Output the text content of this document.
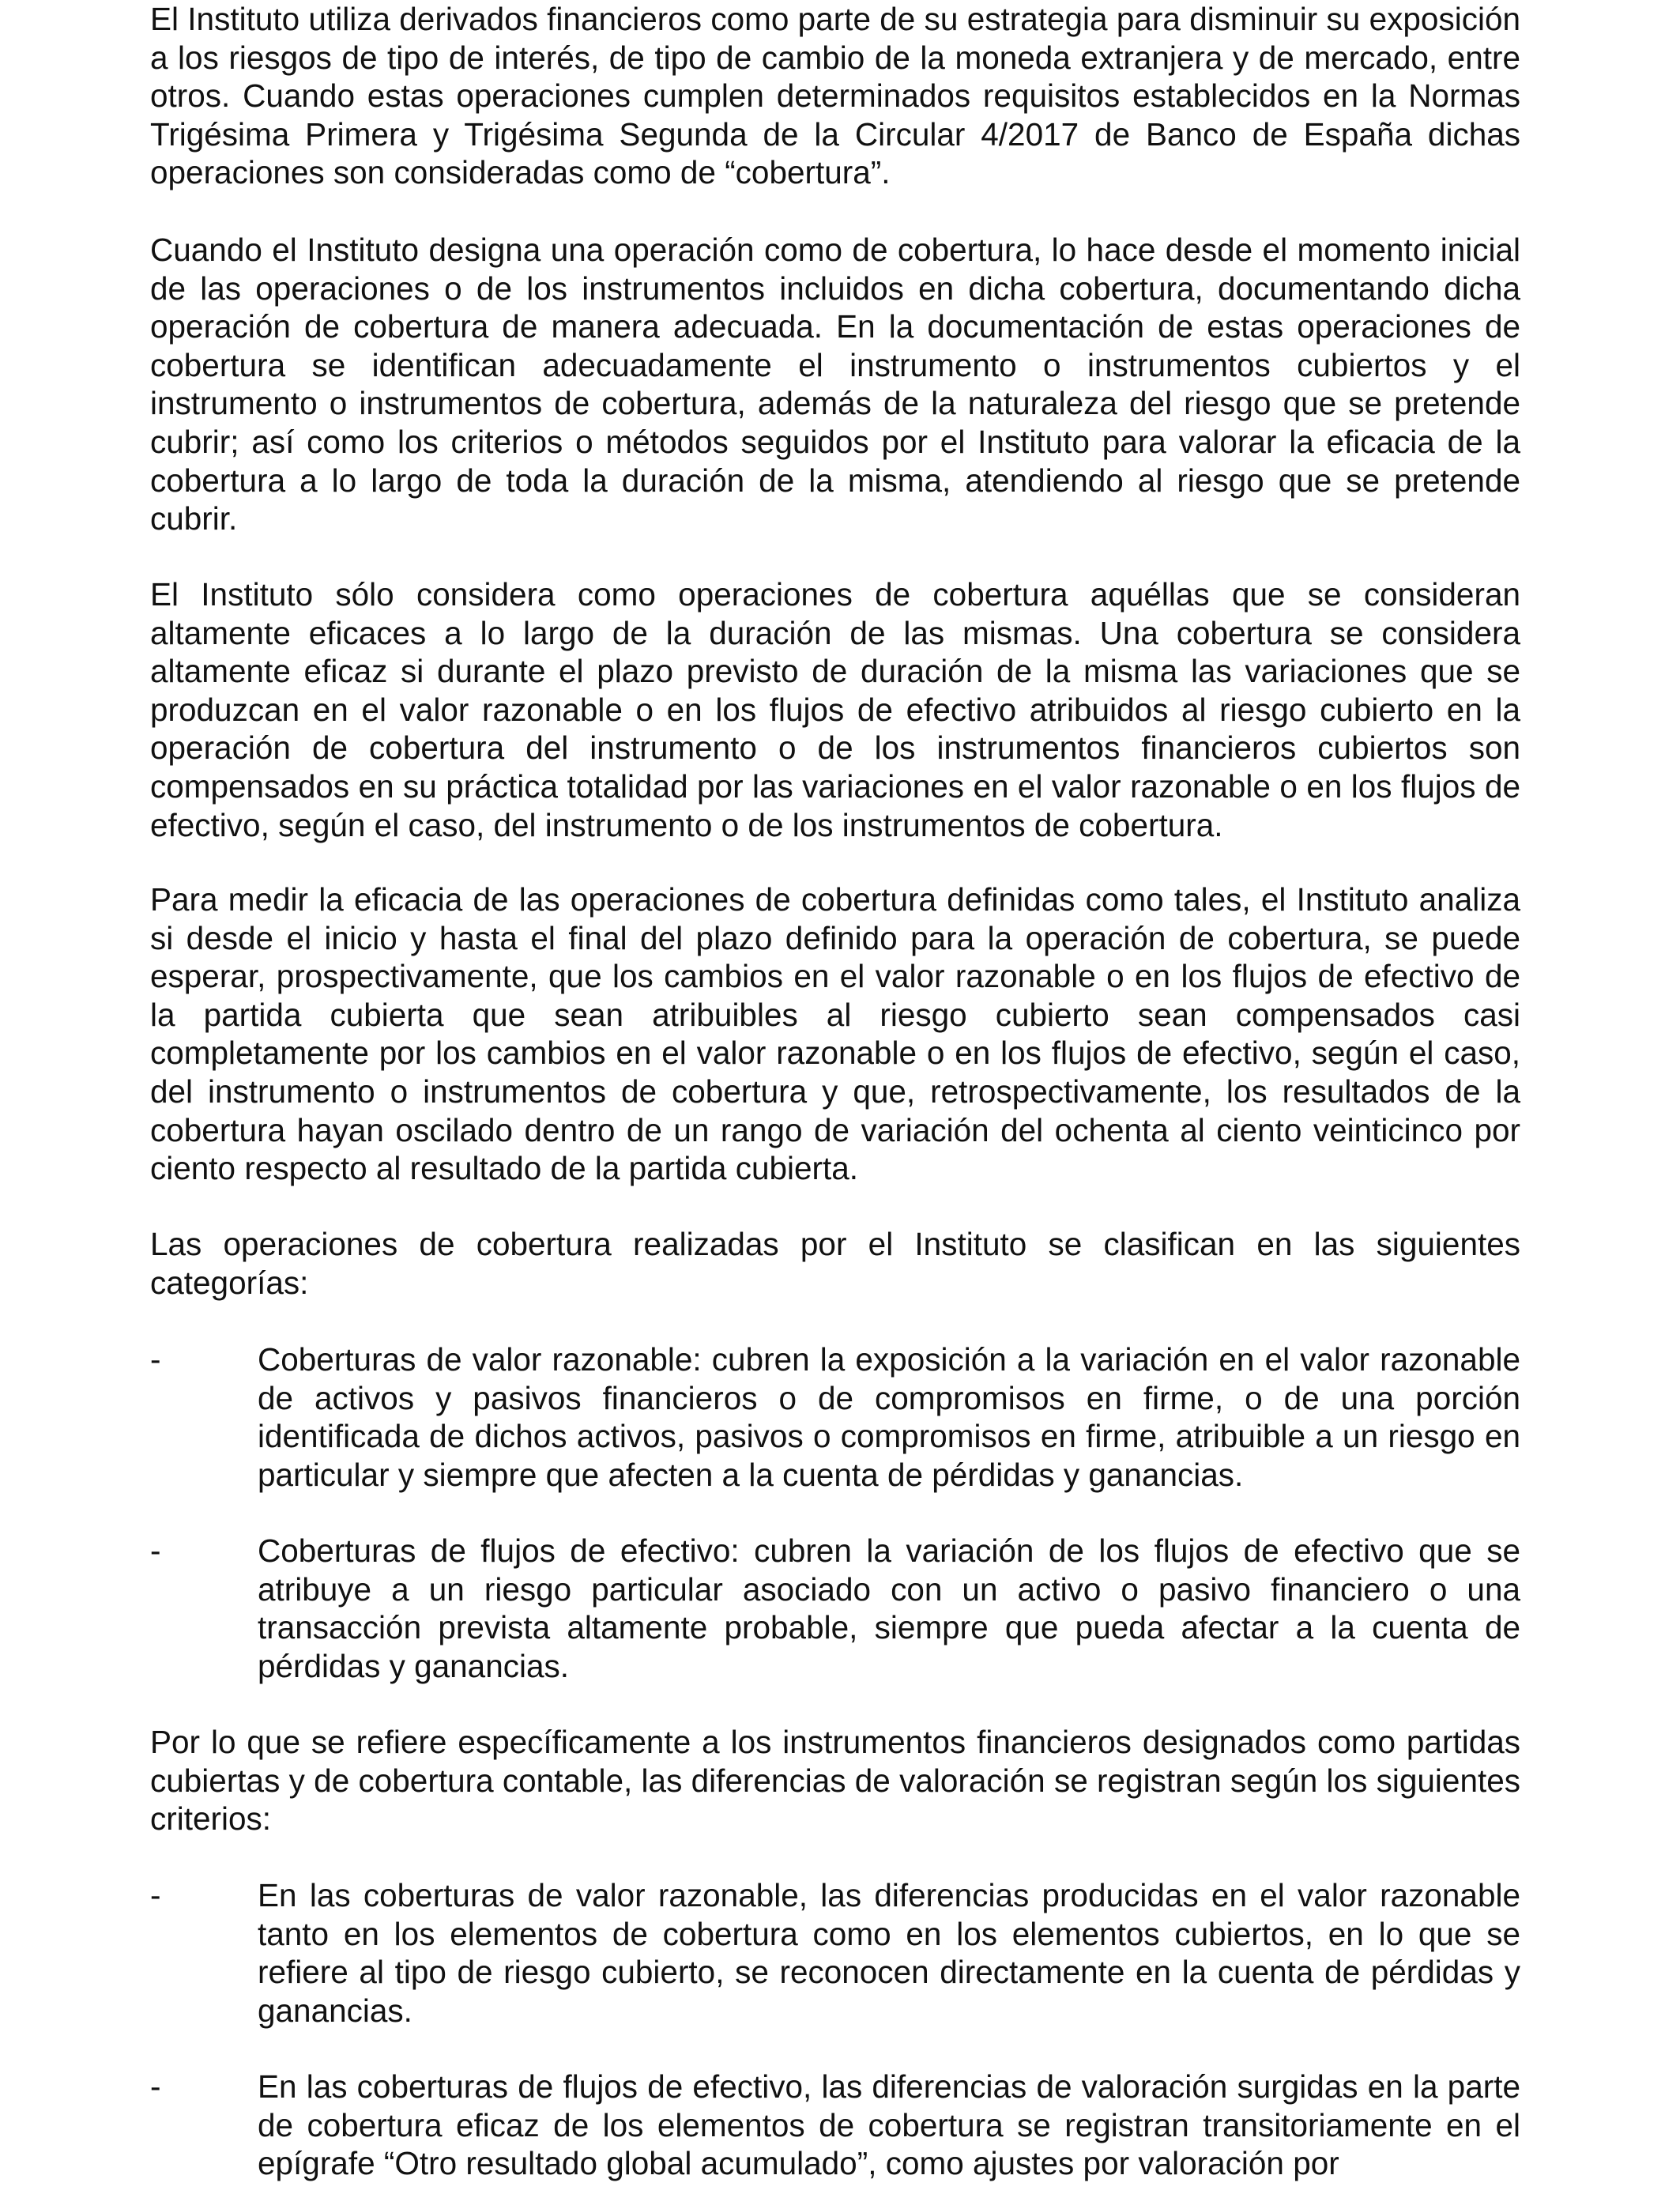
El Instituto utiliza derivados financieros como parte de su estrategia para disminuir su exposición a los riesgos de tipo de interés, de tipo de cambio de la moneda extranjera y de mercado, entre otros. Cuando estas operaciones cumplen determinados requisitos establecidos en la Normas Trigésima Primera y Trigésima Segunda de la Circular 4/2017 de Banco de España dichas operaciones son consideradas como de “cobertura”.

Cuando el Instituto designa una operación como de cobertura, lo hace desde el momento inicial de las operaciones o de los instrumentos incluidos en dicha cobertura, documentando dicha operación de cobertura de manera adecuada. En la documentación de estas operaciones de cobertura se identifican adecuadamente el instrumento o instrumentos cubiertos y el instrumento o instrumentos de cobertura, además de la naturaleza del riesgo que se pretende cubrir; así como los criterios o métodos seguidos por el Instituto para valorar la eficacia de la cobertura a lo largo de toda la duración de la misma, atendiendo al riesgo que se pretende cubrir.

El Instituto sólo considera como operaciones de cobertura aquéllas que se consideran altamente eficaces a lo largo de la duración de las mismas. Una cobertura se considera altamente eficaz si durante el plazo previsto de duración de la misma las variaciones que se produzcan en el valor razonable o en los flujos de efectivo atribuidos al riesgo cubierto en la operación de cobertura del instrumento o de los instrumentos financieros cubiertos son compensados en su práctica totalidad por las variaciones en el valor razonable o en los flujos de efectivo, según el caso, del instrumento o de los instrumentos de cobertura.

Para medir la eficacia de las operaciones de cobertura definidas como tales, el Instituto analiza si desde el inicio y hasta el final del plazo definido para la operación de cobertura, se puede esperar, prospectivamente, que los cambios en el valor razonable o en los flujos de efectivo de la partida cubierta que sean atribuibles al riesgo cubierto sean compensados casi completamente por los cambios en el valor razonable o en los flujos de efectivo, según el caso, del instrumento o instrumentos de cobertura y que, retrospectivamente, los resultados de la cobertura hayan oscilado dentro de un rango de variación del ochenta al ciento veinticinco por ciento respecto al resultado de la partida cubierta.

Las operaciones de cobertura realizadas por el Instituto se clasifican en las siguientes categorías:

-	Coberturas de valor razonable: cubren la exposición a la variación en el valor razonable de activos y pasivos financieros o de compromisos en firme, o de una porción identificada de dichos activos, pasivos o compromisos en firme, atribuible a un riesgo en particular y siempre que afecten a la cuenta de pérdidas y ganancias.

-	Coberturas de flujos de efectivo: cubren la variación de los flujos de efectivo que se atribuye a un riesgo particular asociado con un activo o pasivo financiero o una transacción prevista altamente probable, siempre que pueda afectar a la cuenta de pérdidas y ganancias.

Por lo que se refiere específicamente a los instrumentos financieros designados como partidas cubiertas y de cobertura contable, las diferencias de valoración se registran según los siguientes criterios:

-	En las coberturas de valor razonable, las diferencias producidas en el valor razonable tanto en los elementos de cobertura como en los elementos cubiertos, en lo que se refiere al tipo de riesgo cubierto, se reconocen directamente en la cuenta de pérdidas y ganancias.

-	En las coberturas de flujos de efectivo, las diferencias de valoración surgidas en la parte de cobertura eficaz de los elementos de cobertura se registran transitoriamente en el epígrafe “Otro resultado global acumulado”, como ajustes por valoración por
